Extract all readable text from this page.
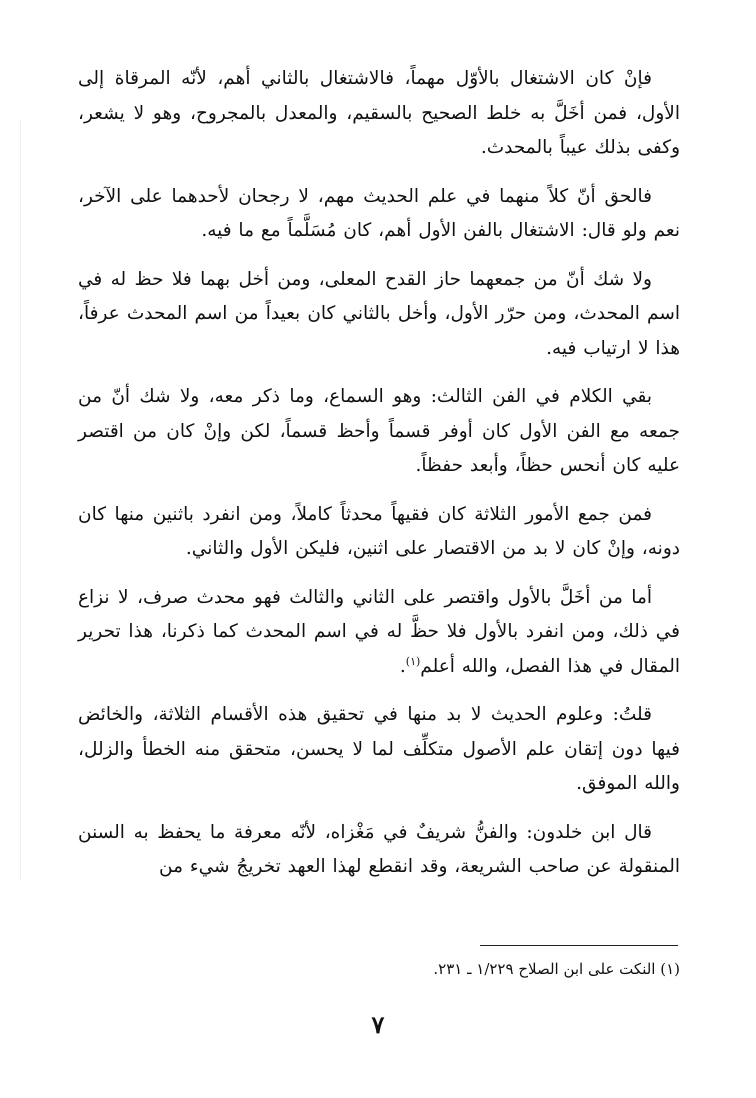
فإنْ كان الاشتغال بالأوّل مهماً، فالاشتغال بالثاني أهم، لأنّه المرقاة إلى الأول، فمن أخَلَّ به خلط الصحيح بالسقيم، والمعدل بالمجروح، وهو لا يشعر، وكفى بذلك عيباً بالمحدث.

فالحق أنّ كلاً منهما في علم الحديث مهم، لا رجحان لأحدهما على الآخر، نعم ولو قال: الاشتغال بالفن الأول أهم، كان مُسَلَّماً مع ما فيه.

ولا شك أنّ من جمعهما حاز القدح المعلى، ومن أخل بهما فلا حظ له في اسم المحدث، ومن حرّر الأول، وأخل بالثاني كان بعيداً من اسم المحدث عرفاً، هذا لا ارتياب فيه.

بقي الكلام في الفن الثالث: وهو السماع، وما ذكر معه، ولا شك أنّ من جمعه مع الفن الأول كان أوفر قسماً وأحظ قسماً، لكن وإنْ كان من اقتصر عليه كان أنحس حظاً، وأبعد حفظاً.

فمن جمع الأمور الثلاثة كان فقيهاً محدثاً كاملاً، ومن انفرد باثنين منها كان دونه، وإنْ كان لا بد من الاقتصار على اثنين، فليكن الأول والثاني.

أما من أخَلَّ بالأول واقتصر على الثاني والثالث فهو محدث صرف، لا نزاع في ذلك، ومن انفرد بالأول فلا حظَّ له في اسم المحدث كما ذكرنا، هذا تحرير المقال في هذا الفصل، والله أعلم$^{(١)}$.

قلتُ: وعلوم الحديث لا بد منها في تحقيق هذه الأقسام الثلاثة، والخائض فيها دون إتقان علم الأصول متكلِّف لما لا يحسن، متحقق منه الخطأ والزلل، والله الموفق.

قال ابن خلدون: والفنُّ شريفٌ في مَغْزاه، لأنّه معرفة ما يحفظ به السنن المنقولة عن صاحب الشريعة، وقد انقطع لهذا العهد تخريجُ شيء من

(١) النكت على ابن الصلاح ١/٢٢٩ ـ ٢٣١.

٧
